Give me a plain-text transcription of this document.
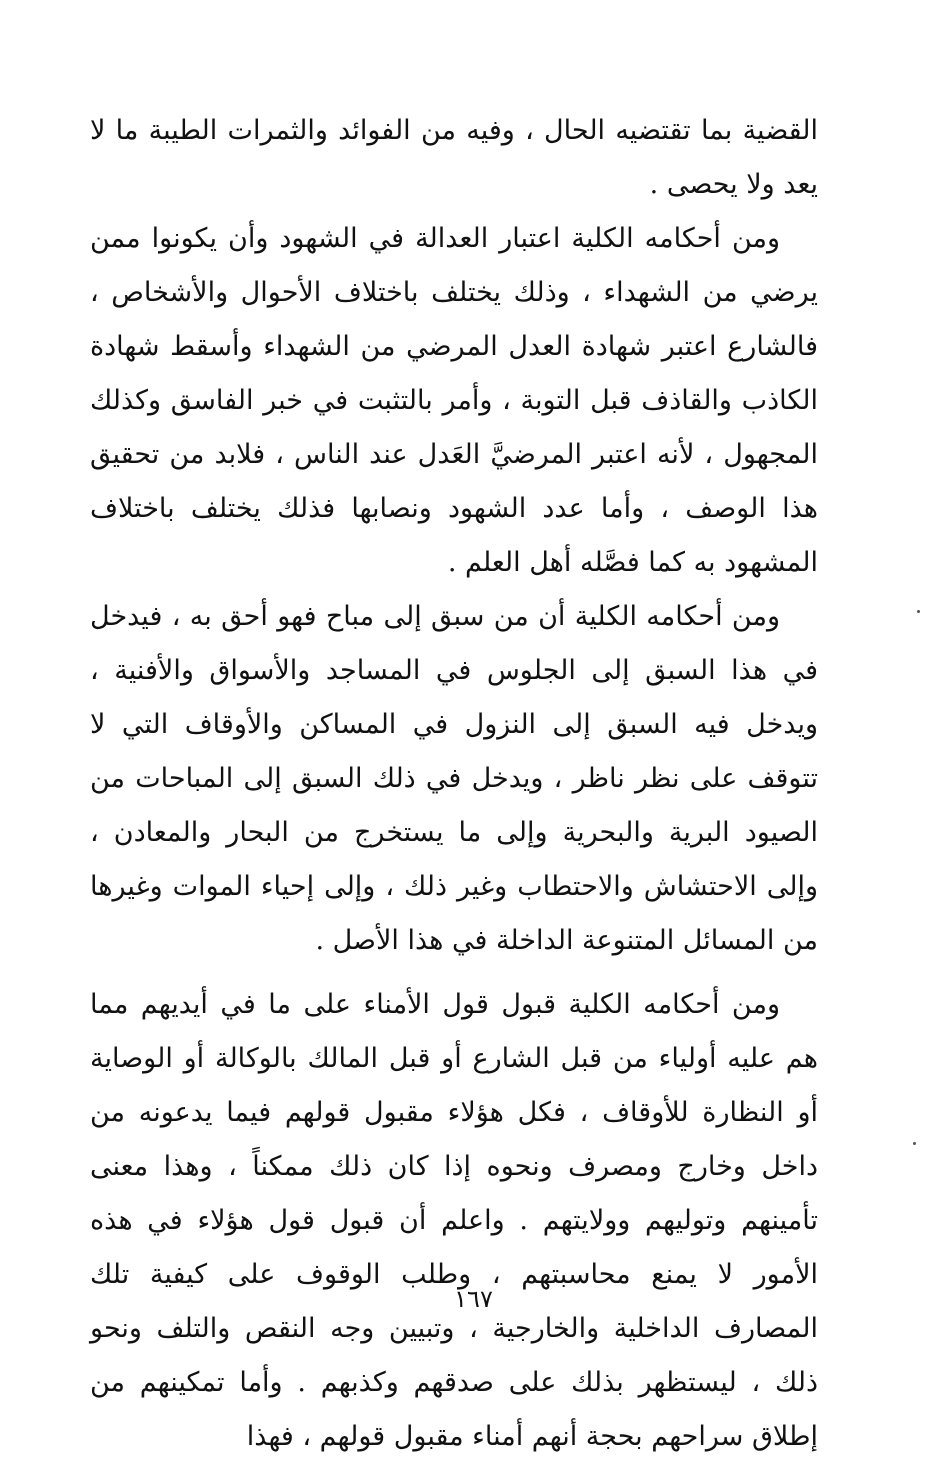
القضية بما تقتضيه الحال ، وفيه من الفوائد والثمرات الطيبة ما لا يعد ولا يحصى .

ومن أحكامه الكلية اعتبار العدالة في الشهود وأن يكونوا ممن يرضي من الشهداء ، وذلك يختلف باختلاف الأحوال والأشخاص ، فالشارع اعتبر شهادة العدل المرضي من الشهداء وأسقط شهادة الكاذب والقاذف قبل التوبة ، وأمر بالتثبت في خبر الفاسق وكذلك المجهول ، لأنه اعتبر المرضيَّ العَدل عند الناس ، فلابد من تحقيق هذا الوصف ، وأما عدد الشهود ونصابها فذلك يختلف باختلاف المشهود به كما فصَّله أهل العلم .

ومن أحكامه الكلية أن من سبق إلى مباح فهو أحق به ، فيدخل في هذا السبق إلى الجلوس في المساجد والأسواق والأفنية ، ويدخل فيه السبق إلى النزول في المساكن والأوقاف التي لا تتوقف على نظر ناظر ، ويدخل في ذلك السبق إلى المباحات من الصيود البرية والبحرية وإلى ما يستخرج من البحار والمعادن ، وإلى الاحتشاش والاحتطاب وغير ذلك ، وإلى إحياء الموات وغيرها من المسائل المتنوعة الداخلة في هذا الأصل .

ومن أحكامه الكلية قبول قول الأمناء على ما في أيديهم مما هم عليه أولياء من قبل الشارع أو قبل المالك بالوكالة أو الوصاية أو النظارة للأوقاف ، فكل هؤلاء مقبول قولهم فيما يدعونه من داخل وخارج ومصرف ونحوه إذا كان ذلك ممكناً ، وهذا معنى تأمينهم وتوليهم وولايتهم . واعلم أن قبول قول هؤلاء في هذه الأمور لا يمنع محاسبتهم ، وطلب الوقوف على كيفية تلك المصارف الداخلية والخارجية ، وتبيين وجه النقص والتلف ونحو ذلك ، ليستظهر بذلك على صدقهم وكذبهم . وأما تمكينهم من إطلاق سراحهم بحجة أنهم أمناء مقبول قولهم ، فهذا

١٦٧
